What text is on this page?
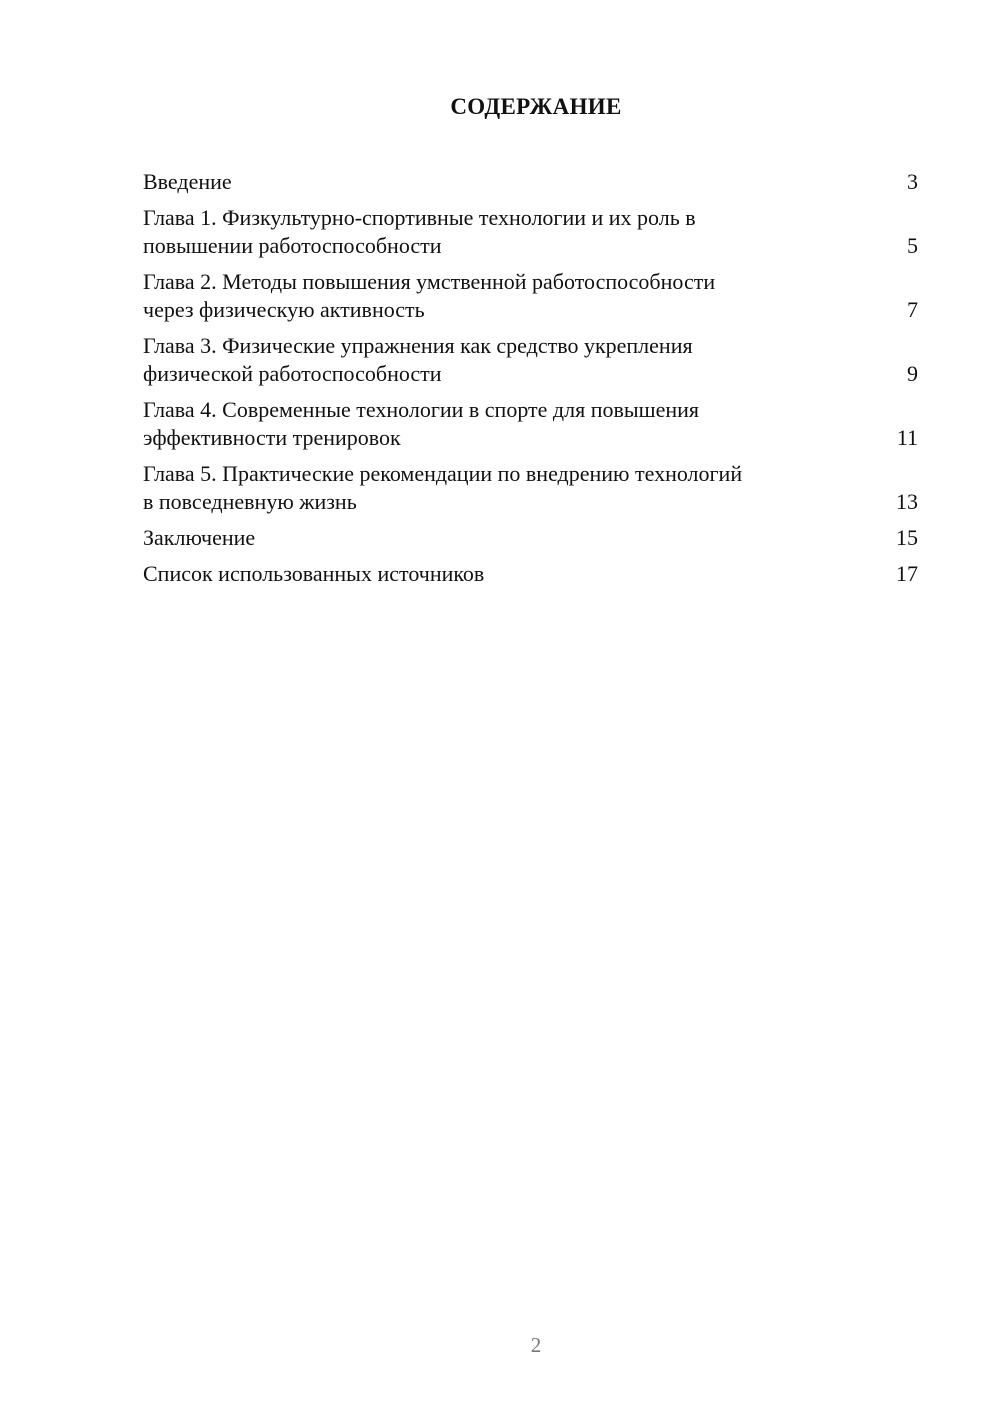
СОДЕРЖАНИЕ
Введение	3
Глава 1. Физкультурно-спортивные технологии и их роль в
повышении работоспособности	5
Глава 2. Методы повышения умственной работоспособности
через физическую активность	7
Глава 3. Физические упражнения как средство укрепления
физической работоспособности	9
Глава 4. Современные технологии в спорте для повышения
эффективности тренировок	11
Глава 5. Практические рекомендации по внедрению технологий
в повседневную жизнь	13
Заключение	15
Список использованных источников	17
2
